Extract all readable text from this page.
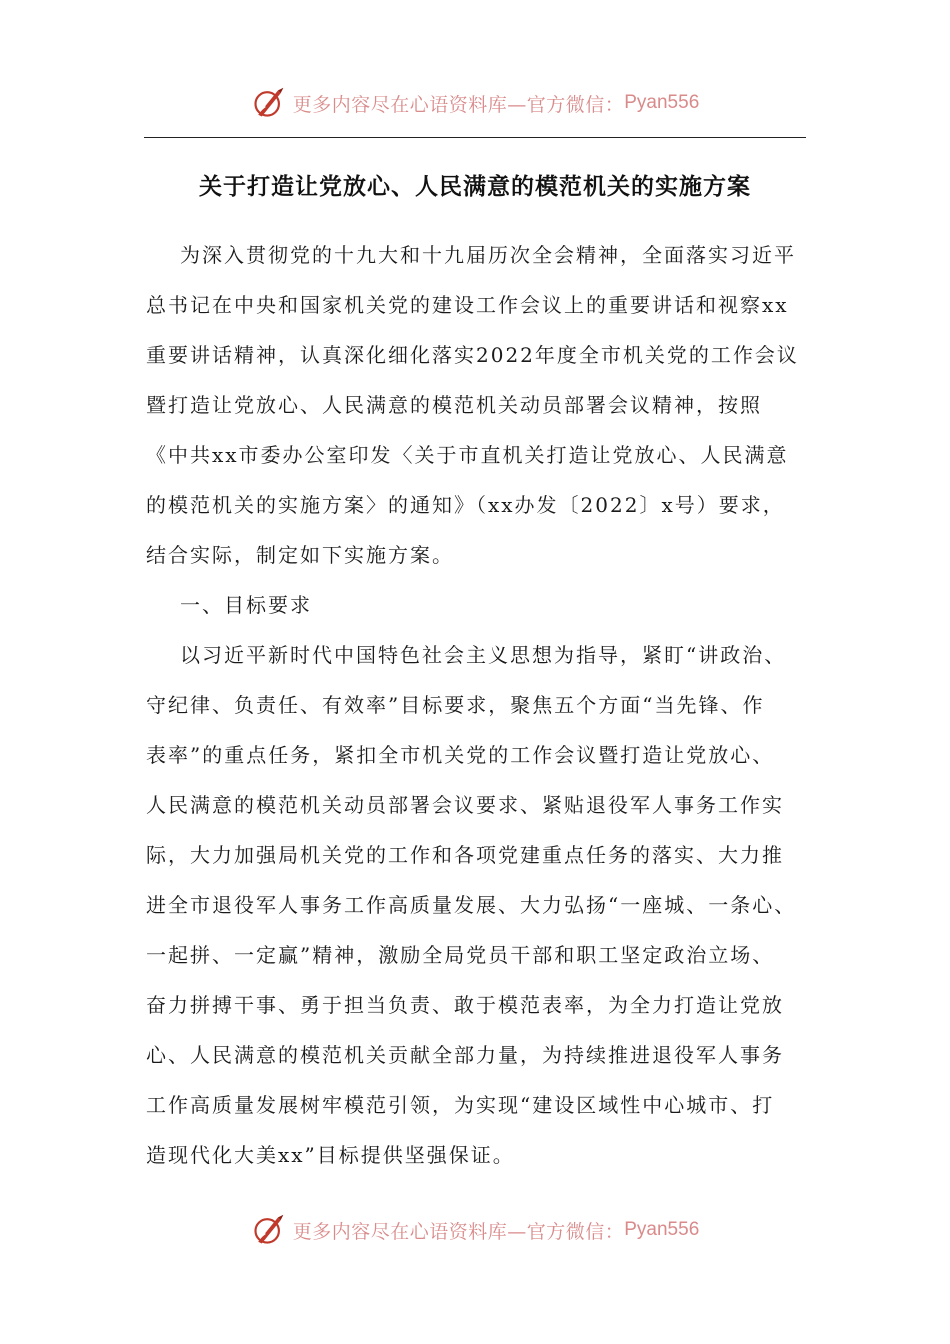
更多内容尽在心语资料库—官方微信： Pyan556
关于打造让党放心、人民满意的模范机关的实施方案
为深入贯彻党的十九大和十九届历次全会精神，全面落实习近平
总书记在中央和国家机关党的建设工作会议上的重要讲话和视察xx
重要讲话精神，认真深化细化落实2022年度全市机关党的工作会议
暨打造让党放心、人民满意的模范机关动员部署会议精神，按照
《中共xx市委办公室印发〈关于市直机关打造让党放心、人民满意
的模范机关的实施方案〉的通知》（xx办发〔2022〕x号）要求，
结合实际，制定如下实施方案。
一、目标要求
以习近平新时代中国特色社会主义思想为指导，紧盯“讲政治、
守纪律、负责任、有效率”目标要求，聚焦五个方面“当先锋、作
表率”的重点任务，紧扣全市机关党的工作会议暨打造让党放心、
人民满意的模范机关动员部署会议要求、紧贴退役军人事务工作实
际，大力加强局机关党的工作和各项党建重点任务的落实、大力推
进全市退役军人事务工作高质量发展、大力弘扬“一座城、一条心、
一起拼、一定赢”精神，激励全局党员干部和职工坚定政治立场、
奋力拼搏干事、勇于担当负责、敢于模范表率，为全力打造让党放
心、人民满意的模范机关贡献全部力量，为持续推进退役军人事务
工作高质量发展树牢模范引领，为实现“建设区域性中心城市、打
造现代化大美xx”目标提供坚强保证。
更多内容尽在心语资料库—官方微信： Pyan556
